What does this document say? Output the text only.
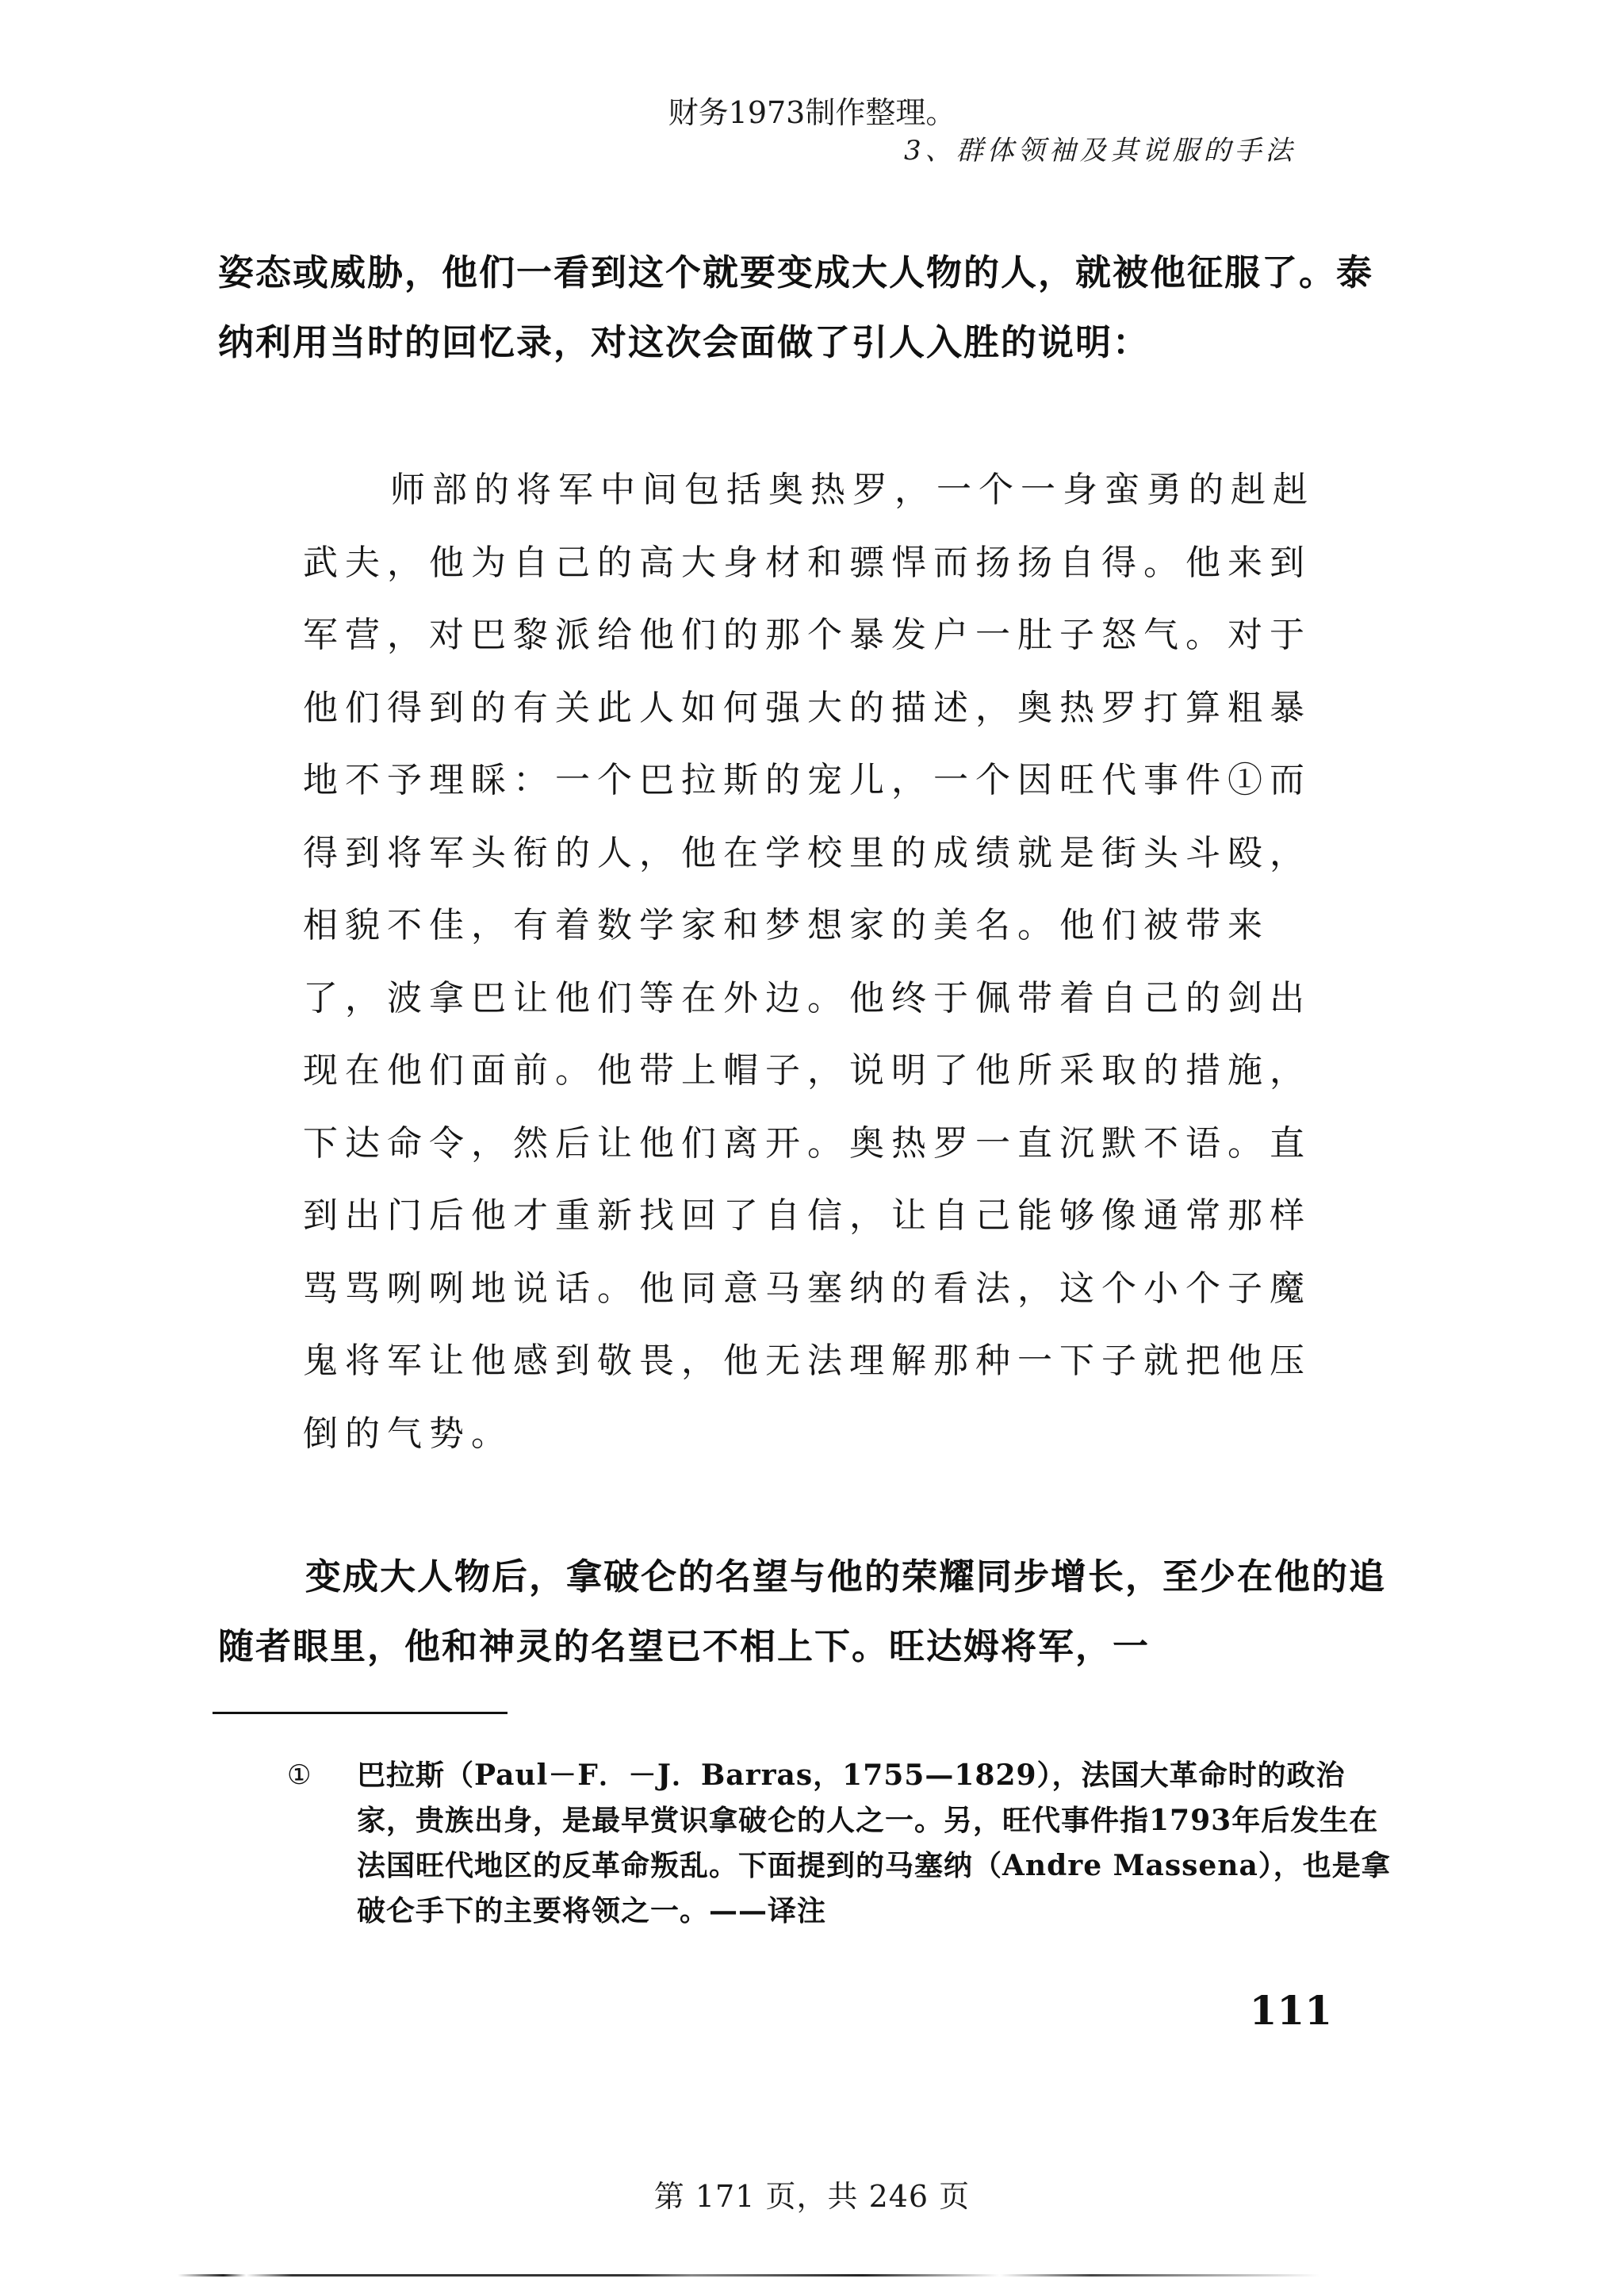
财务1973制作整理。
3、群体领袖及其说服的手法

姿态或威胁，他们一看到这个就要变成大人物的人，就被他征服了。泰纳利用当时的回忆录，对这次会面做了引人入胜的说明：

师部的将军中间包括奥热罗，一个一身蛮勇的赳赳武夫，他为自己的高大身材和骠悍而扬扬自得。他来到军营，对巴黎派给他们的那个暴发户一肚子怒气。对于他们得到的有关此人如何强大的描述，奥热罗打算粗暴地不予理睬：一个巴拉斯的宠儿，一个因旺代事件①而得到将军头衔的人，他在学校里的成绩就是街头斗殴，相貌不佳，有着数学家和梦想家的美名。他们被带来了，波拿巴让他们等在外边。他终于佩带着自己的剑出现在他们面前。他带上帽子，说明了他所采取的措施，下达命令，然后让他们离开。奥热罗一直沉默不语。直到出门后他才重新找回了自信，让自己能够像通常那样骂骂咧咧地说话。他同意马塞纳的看法，这个小个子魔鬼将军让他感到敬畏，他无法理解那种一下子就把他压倒的气势。

变成大人物后，拿破仑的名望与他的荣耀同步增长，至少在他的追随者眼里，他和神灵的名望已不相上下。旺达姆将军，一

① 巴拉斯（Paul－F．－J．Barras，1755—1829），法国大革命时的政治家，贵族出身，是最早赏识拿破仑的人之一。另，旺代事件指1793年后发生在法国旺代地区的反革命叛乱。下面提到的马塞纳（Andre Massena），也是拿破仑手下的主要将领之一。——译注

111
第 171 页，共 246 页
